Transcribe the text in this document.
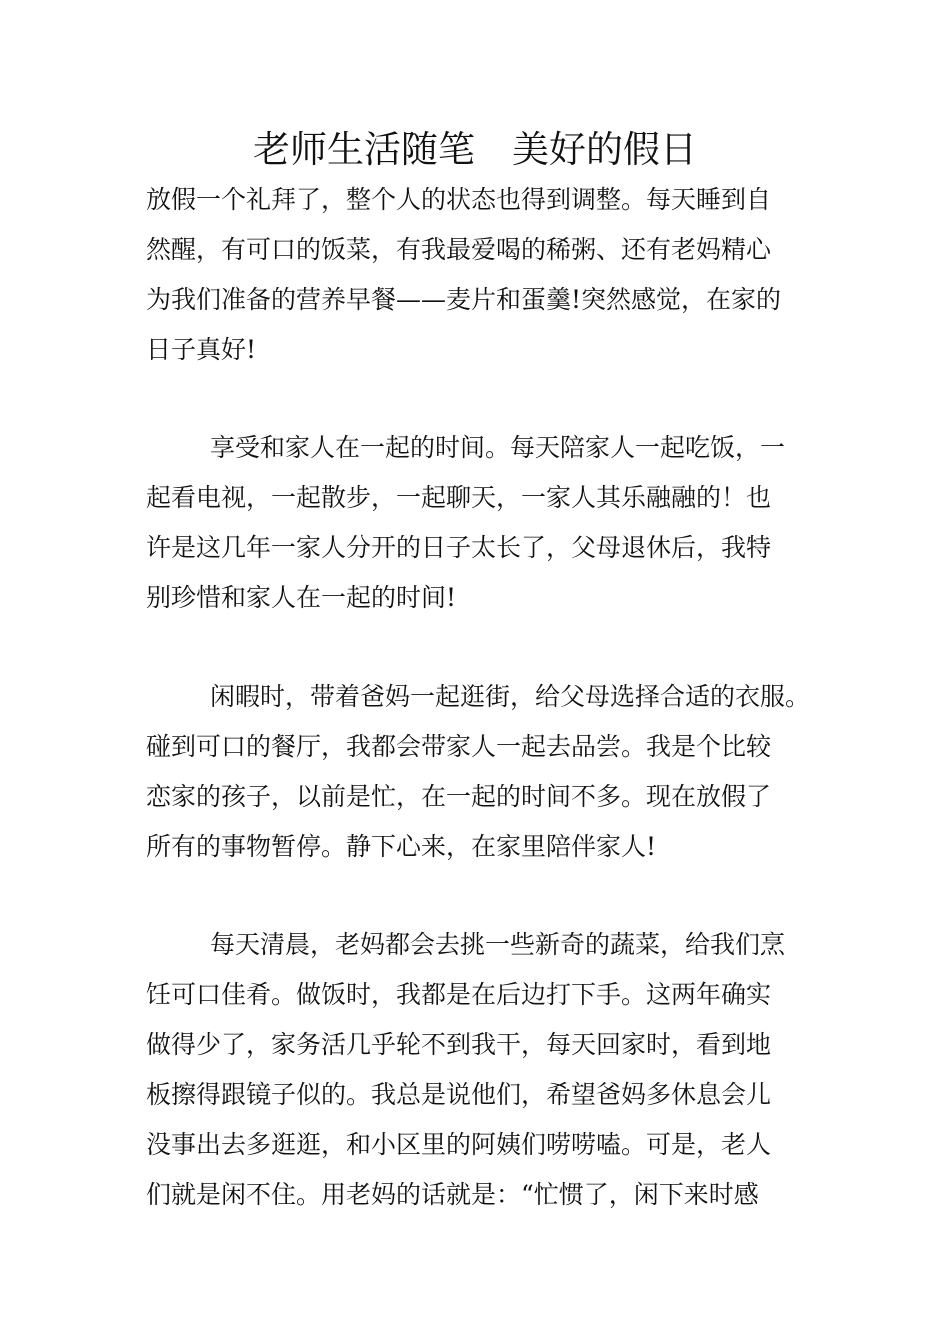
老师生活随笔　美好的假日
放假一个礼拜了，整个人的状态也得到调整。每天睡到自
然醒，有可口的饭菜，有我最爱喝的稀粥、还有老妈精心
为我们准备的营养早餐——麦片和蛋羹!突然感觉，在家的
日子真好!
享受和家人在一起的时间。每天陪家人一起吃饭，一
起看电视，一起散步，一起聊天，一家人其乐融融的！也
许是这几年一家人分开的日子太长了，父母退休后，我特
别珍惜和家人在一起的时间!
闲暇时，带着爸妈一起逛街，给父母选择合适的衣服。
碰到可口的餐厅，我都会带家人一起去品尝。我是个比较
恋家的孩子，以前是忙，在一起的时间不多。现在放假了
所有的事物暂停。静下心来，在家里陪伴家人!
每天清晨，老妈都会去挑一些新奇的蔬菜，给我们烹
饪可口佳肴。做饭时，我都是在后边打下手。这两年确实
做得少了，家务活几乎轮不到我干，每天回家时，看到地
板擦得跟镜子似的。我总是说他们，希望爸妈多休息会儿
没事出去多逛逛，和小区里的阿姨们唠唠嗑。可是，老人
们就是闲不住。用老妈的话就是：“忙惯了，闲下来时感
